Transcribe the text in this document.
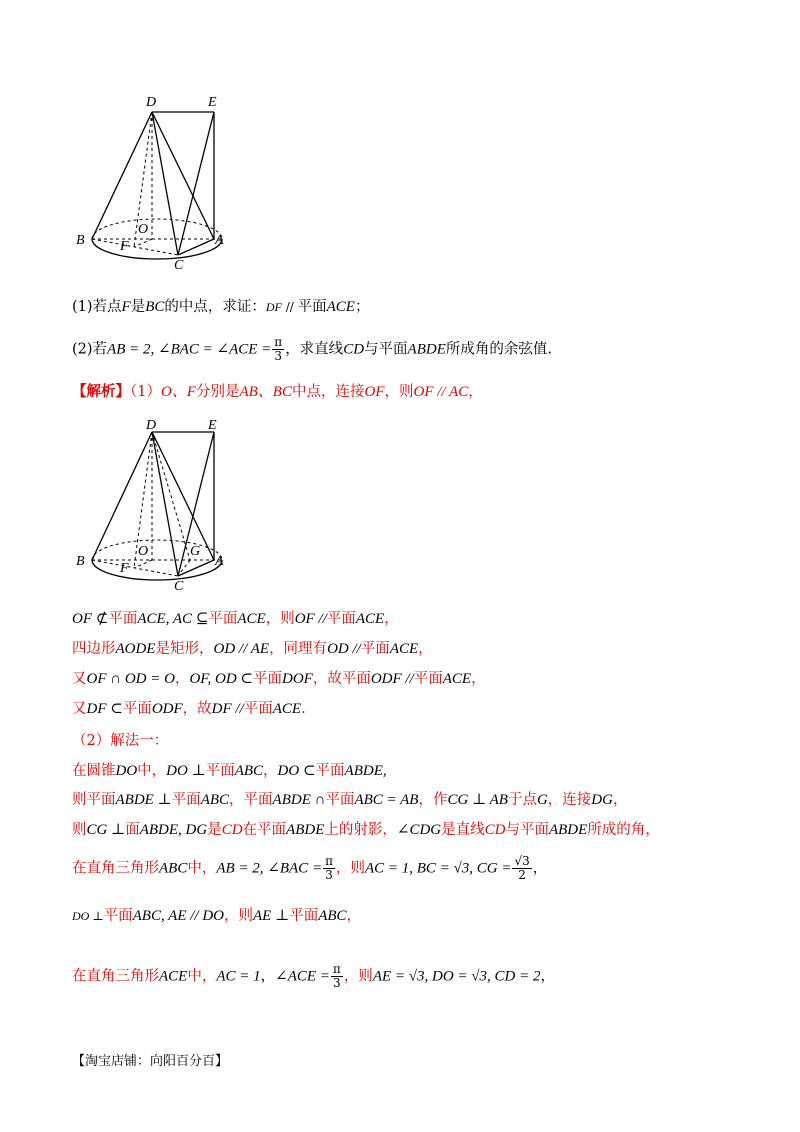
D	E
B
O
F	A
C
(1)若点F是BC的中点，求证：DF // 平面ACE；
(2)若AB = 2, ∠BAC = ∠ACE = $\frac{\pi}{3}$ ，求直线CD与平面ABDE所成角的余弦值.
【解析】（1）O、F分别是AB、BC中点，连接OF，则OF // AC，
D	E
B
O
F
G
A
C
OF ⊄平面ACE, AC ⊆平面ACE，则OF //平面ACE，
四边形AODE是矩形，OD // AE，同理有OD //平面ACE，
又OF ∩ OD = O，OF, OD ⊂平面DOF，故平面ODF //平面ACE，
又DF ⊂平面ODF，故DF //平面ACE.
（2）解法一：
在圆锥DO中，DO ⊥平面ABC，DO ⊂平面ABDE,
则平面ABDE ⊥平面ABC，平面ABDE ∩平面ABC = AB，作CG ⊥ AB于点G，连接DG，
则CG ⊥面ABDE, DG是CD在平面ABDE上的射影，∠CDG是直线CD与平面ABDE所成的角，
在直角三角形ABC中，AB = 2, ∠BAC = $\frac{\pi}{3}$ ，则AC = 1, BC = √3, CG = $\frac{√3}{2}$ ，
DO ⊥平面ABC, AE // DO，则AE ⊥平面ABC，
在直角三角形ACE中，AC = 1，∠ACE = $\frac{\pi}{3}$ ，则AE = √3, DO = √3, CD = 2，
【淘宝店铺：向阳百分百】
